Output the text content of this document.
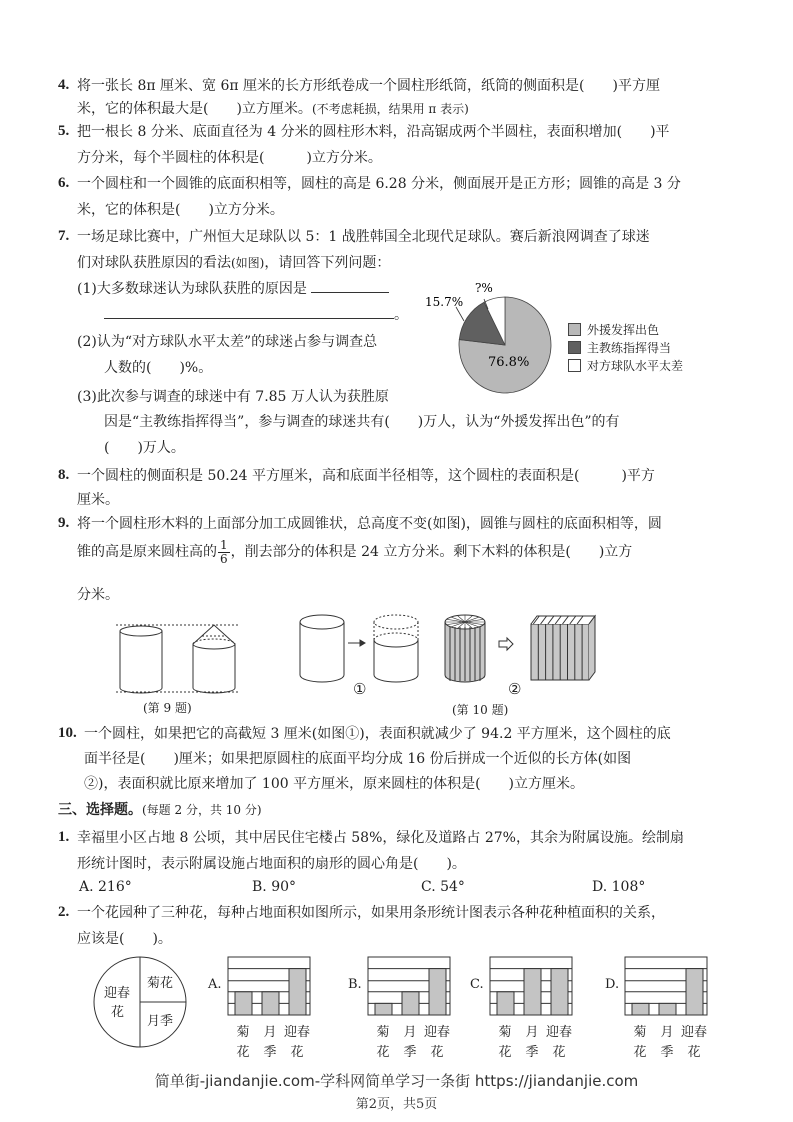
4. 将一张长 8π 厘米、宽 6π 厘米的长方形纸卷成一个圆柱形纸筒，纸筒的侧面积是(　　)平方厘
米，它的体积最大是(　　)立方厘米。(不考虑耗损，结果用 π 表示)
5. 把一根长 8 分米、底面直径为 4 分米的圆柱形木料，沿高锯成两个半圆柱，表面积增加(　　)平
方分米，每个半圆柱的体积是(　　　)立方分米。
6. 一个圆柱和一个圆锥的底面积相等，圆柱的高是 6.28 分米，侧面展开是正方形；圆锥的高是 3 分
米，它的体积是(　　)立方分米。
7. 一场足球比赛中，广州恒大足球队以 5：1 战胜韩国全北现代足球队。赛后新浪网调查了球迷
们对球队获胜原因的看法(如图)，请回答下列问题：
(1)大多数球迷认为球队获胜的原因是
。
(2)认为“对方球队水平太差”的球迷占参与调查总
人数的(　　)%。
(3)此次参与调查的球迷中有 7.85 万人认为获胜原
因是“主教练指挥得当”，参与调查的球迷共有(　　)万人，认为“外援发挥出色”的有
(　　)万人。
15.7%
?%
76.8%
外援发挥出色
主教练指挥得当
对方球队水平太差
8. 一个圆柱的侧面积是 50.24 平方厘米，高和底面半径相等，这个圆柱的表面积是(　　　)平方
厘米。
9. 将一个圆柱形木料的上面部分加工成圆锥状，总高度不变(如图)，圆锥与圆柱的底面积相等，圆
锥的高是原来圆柱高的 $\frac{1}{6}$ ，削去部分的体积是 24 立方分米。剩下木料的体积是(　　)立方
分米。
(第 9 题)
①	②
(第 10 题)
10. 一个圆柱，如果把它的高截短 3 厘米(如图①)，表面积就减少了 94.2 平方厘米，这个圆柱的底
面半径是(　　)厘米；如果把原圆柱的底面平均分成 16 份后拼成一个近似的长方体(如图
②)，表面积就比原来增加了 100 平方厘米，原来圆柱的体积是(　　)立方厘米。
三、选择题。(每题 2 分，共 10 分)
1. 幸福里小区占地 8 公顷，其中居民住宅楼占 58%，绿化及道路占 27%，其余为附属设施。绘制扇
形统计图时，表示附属设施占地面积的扇形的圆心角是(　　)。
A. 216°	B. 90°	C. 54°	D. 108°
2. 一个花园种了三种花，每种占地面积如图所示，如果用条形统计图表示各种花种植面积的关系，
应该是(　　)。
迎春
花
菊花
月季
A.
菊
花
月
季
迎春
花
B.
菊
花
月
季
迎春
花
C.
菊
花
月
季
迎春
花
D.
菊
花
月
季
迎春
花
简单街-jiandanjie.com-学科网简单学习一条街 https://jiandanjie.com
第2页，共5页
